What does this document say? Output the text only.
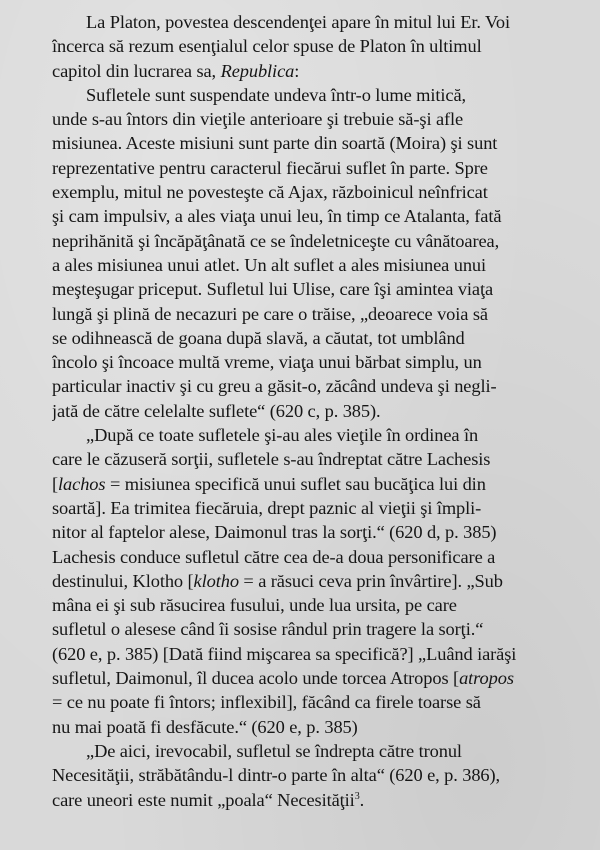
La Platon, povestea descendenţei apare în mitul lui Er. Voi
încerca să rezum esenţialul celor spuse de Platon în ultimul
capitol din lucrarea sa, Republica:
Sufletele sunt suspendate undeva într-o lume mitică,
unde s-au întors din vieţile anterioare şi trebuie să-şi afle
misiunea. Aceste misiuni sunt parte din soartă (Moira) şi sunt
reprezentative pentru caracterul fiecărui suflet în parte. Spre
exemplu, mitul ne povesteşte că Ajax, războinicul neînfricat
şi cam impulsiv, a ales viaţa unui leu, în timp ce Atalanta, fată
neprihănită şi încăpăţânată ce se îndeletniceşte cu vânătoarea,
a ales misiunea unui atlet. Un alt suflet a ales misiunea unui
meşteşugar priceput. Sufletul lui Ulise, care îşi amintea viaţa
lungă şi plină de necazuri pe care o trăise, „deoarece voia să
se odihnească de goana după slavă, a căutat, tot umblând
încolo şi încoace multă vreme, viaţa unui bărbat simplu, un
particular inactiv şi cu greu a găsit-o, zăcând undeva şi negli-
jată de către celelalte suflete“ (620 c, p. 385).
„După ce toate sufletele şi-au ales vieţile în ordinea în
care le căzuseră sorţii, sufletele s-au îndreptat către Lachesis
[lachos = misiunea specifică unui suflet sau bucăţica lui din
soartă]. Ea trimitea fiecăruia, drept paznic al vieţii şi împli-
nitor al faptelor alese, Daimonul tras la sorţi.“ (620 d, p. 385)
Lachesis conduce sufletul către cea de-a doua personificare a
destinului, Klotho [klotho = a răsuci ceva prin învârtire]. „Sub
mâna ei şi sub răsucirea fusului, unde lua ursita, pe care
sufletul o alesese când îi sosise rândul prin tragere la sorţi.“
(620 e, p. 385) [Dată fiind mişcarea sa specifică?] „Luând iarăşi
sufletul, Daimonul, îl ducea acolo unde torcea Atropos [atropos
= ce nu poate fi întors; inflexibil], făcând ca firele toarse să
nu mai poată fi desfăcute.“ (620 e, p. 385)
„De aici, irevocabil, sufletul se îndrepta către tronul
Necesităţii, străbătându-l dintr-o parte în alta“ (620 e, p. 386),
care uneori este numit „poala“ Necesităţii$^3$.
